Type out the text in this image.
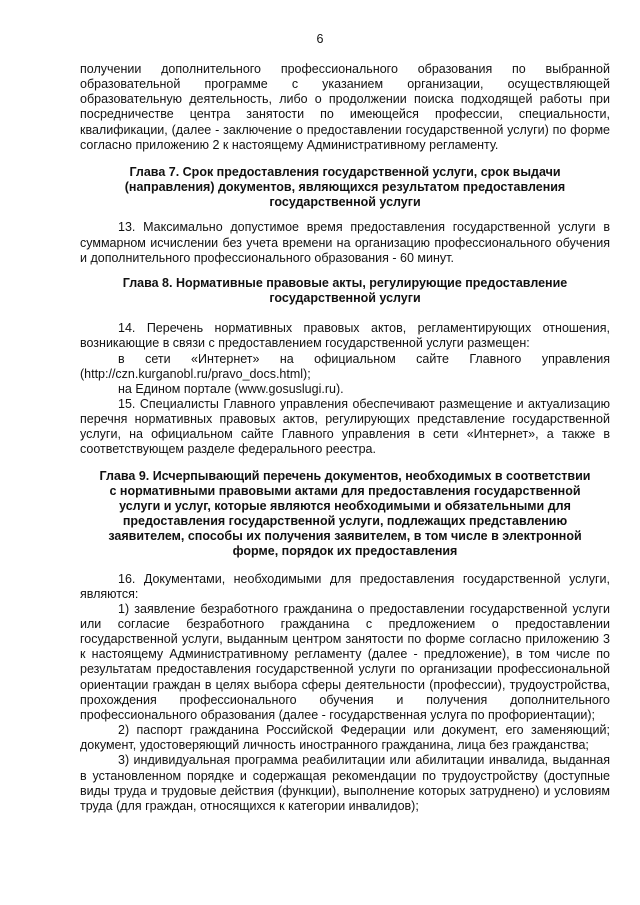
6

получении дополнительного профессионального образования по выбранной образовательной программе с указанием организации, осуществляющей образовательную деятельность, либо о продолжении поиска подходящей работы при посредничестве центра занятости по имеющейся профессии, специальности, квалификации, (далее - заключение о предоставлении государственной услуги) по форме согласно приложению 2 к настоящему Административному регламенту.

Глава 7. Срок предоставления государственной услуги, срок выдачи (направления) документов, являющихся результатом предоставления государственной услуги

13. Максимально допустимое время предоставления государственной услуги в суммарном исчислении без учета времени на организацию профессионального обучения и дополнительного профессионального образования - 60 минут.

Глава 8. Нормативные правовые акты, регулирующие предоставление государственной услуги

14. Перечень нормативных правовых актов, регламентирующих отношения, возникающие в связи с предоставлением государственной услуги размещен:

в сети «Интернет» на официальном сайте Главного управления (http://czn.kurganobl.ru/pravo_docs.html);

на Едином портале (www.gosuslugi.ru).

15. Специалисты Главного управления обеспечивают размещение и актуализацию перечня нормативных правовых актов, регулирующих представление государственной услуги, на официальном сайте Главного управления в сети «Интернет», а также в соответствующем разделе федерального реестра.

Глава 9. Исчерпывающий перечень документов, необходимых в соответствии с нормативными правовыми актами для предоставления государственной услуги и услуг, которые являются необходимыми и обязательными для предоставления государственной услуги, подлежащих представлению заявителем, способы их получения заявителем, в том числе в электронной форме, порядок их предоставления

16. Документами, необходимыми для предоставления государственной услуги, являются:

1) заявление безработного гражданина о предоставлении государственной услуги или согласие безработного гражданина с предложением о предоставлении государственной услуги, выданным центром занятости по форме согласно приложению 3 к настоящему Административному регламенту (далее - предложение), в том числе по результатам предоставления государственной услуги по организации профессиональной ориентации граждан в целях выбора сферы деятельности (профессии), трудоустройства, прохождения профессионального обучения и получения дополнительного профессионального образования (далее - государственная услуга по профориентации);

2) паспорт гражданина Российской Федерации или документ, его заменяющий; документ, удостоверяющий личность иностранного гражданина, лица без гражданства;

3) индивидуальная программа реабилитации или абилитации инвалида, выданная в установленном порядке и содержащая рекомендации по трудоустройству (доступные виды труда и трудовые действия (функции), выполнение которых затруднено) и условиям труда (для граждан, относящихся к категории инвалидов);
